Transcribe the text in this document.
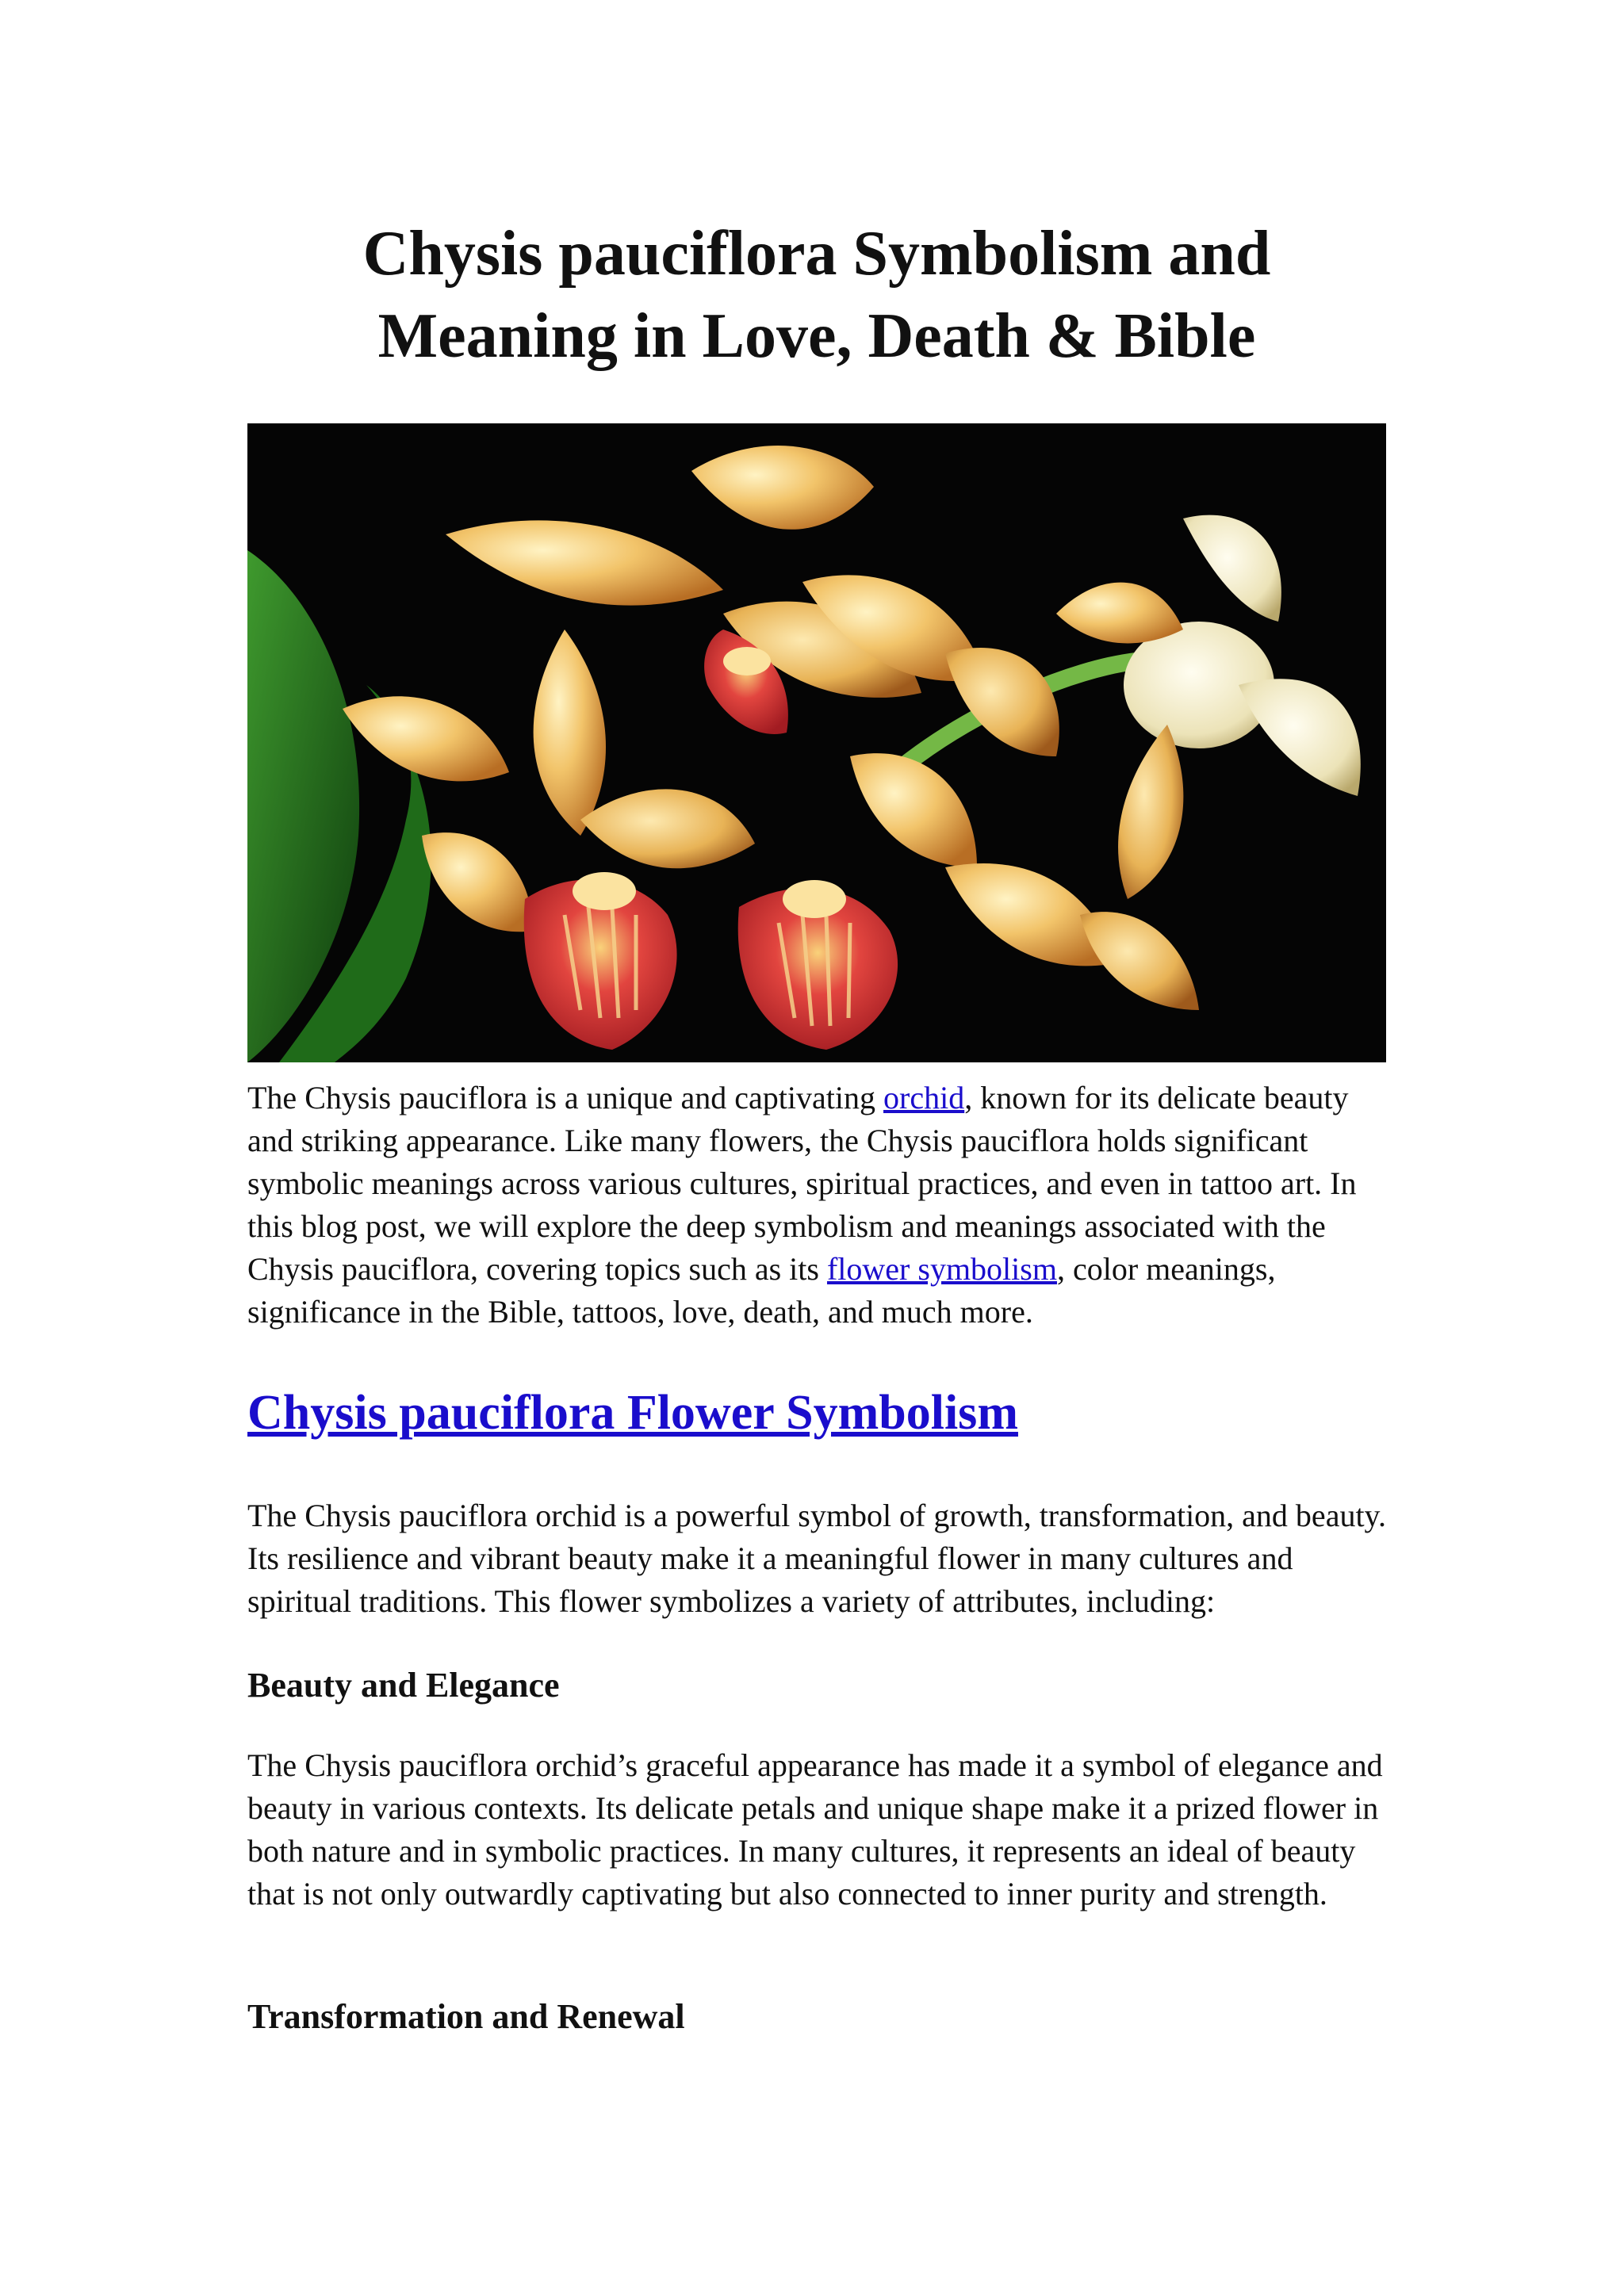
Chysis pauciflora Symbolism and
Meaning in Love, Death & Bible

The Chysis pauciflora is a unique and captivating orchid, known for its delicate beauty and striking appearance. Like many flowers, the Chysis pauciflora holds significant symbolic meanings across various cultures, spiritual practices, and even in tattoo art. In this blog post, we will explore the deep symbolism and meanings associated with the Chysis pauciflora, covering topics such as its flower symbolism, color meanings, significance in the Bible, tattoos, love, death, and much more.

Chysis pauciflora Flower Symbolism

The Chysis pauciflora orchid is a powerful symbol of growth, transformation, and beauty. Its resilience and vibrant beauty make it a meaningful flower in many cultures and spiritual traditions. This flower symbolizes a variety of attributes, including:

Beauty and Elegance

The Chysis pauciflora orchid’s graceful appearance has made it a symbol of elegance and beauty in various contexts. Its delicate petals and unique shape make it a prized flower in both nature and in symbolic practices. In many cultures, it represents an ideal of beauty that is not only outwardly captivating but also connected to inner purity and strength.

Transformation and Renewal
